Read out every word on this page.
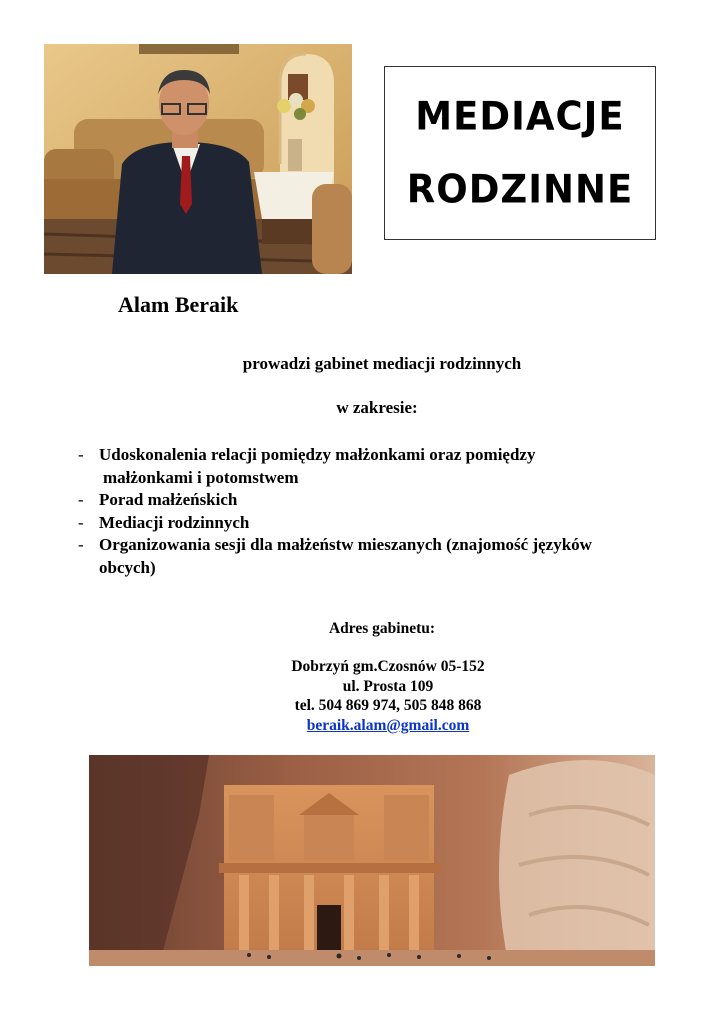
MEDIACJE
RODZINNE
Alam Beraik
prowadzi gabinet mediacji rodzinnych
w zakresie:
- Udoskonalenia relacji pomiędzy małżonkami oraz pomiędzy
małżonkami i potomstwem
- Porad małżeńskich
- Mediacji rodzinnych
- Organizowania sesji dla małżeństw mieszanych (znajomość języków
obcych)
Adres gabinetu:
Dobrzyń gm.Czosnów 05-152
ul. Prosta 109
tel. 504 869 974, 505 848 868
beraik.alam@gmail.com
